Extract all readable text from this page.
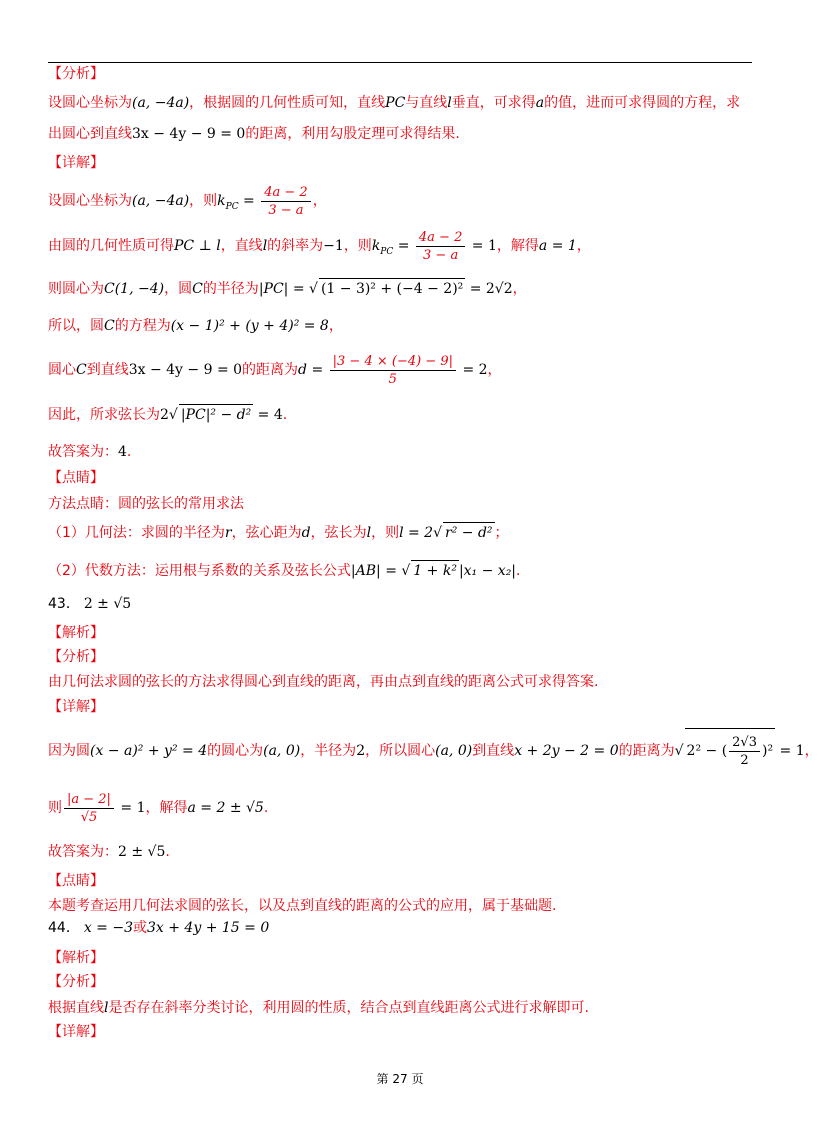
【分析】
设圆心坐标为(a, −4a)，根据圆的几何性质可知，直线PC与直线l垂直，可求得a的值，进而可求得圆的方程，求
出圆心到直线3x − 4y − 9 = 0的距离，利用勾股定理可求得结果.
【详解】
设圆心坐标为(a, −4a)，则$k_{PC} = \frac{4a - 2}{3 - a}$ ，
由圆的几何性质可得PC ⊥ l，直线l的斜率为−1，则$k_{PC} = \frac{4a - 2}{3 - a} = 1$，解得a = 1，
则圆心为C(1, −4)，圆C的半径为|PC| = √ (1 − 3)² + (−4 − 2)² = 2√2，
所以，圆C的方程为(x − 1)² + (y + 4)² = 8，
圆心C到直线3x − 4y − 9 = 0的距离为$d = \frac{|3 - 4 \times (-4) - 9|}{5} = 2$，
因此，所求弦长为2√ |PC|² − d² = 4.
故答案为：4.
【点睛】
方法点睛：圆的弦长的常用求法
（1）几何法：求圆的半径为r，弦心距为d，弦长为l，则l = 2√ r² − d² ；
（2）代数方法：运用根与系数的关系及弦长公式|AB| = √ 1 + k² |x₁ − x₂|.
43． 2 ± √5
【解析】
【分析】
由几何法求圆的弦长的方法求得圆心到直线的距离，再由点到直线的距离公式可求得答案.
【详解】
因为圆(x − a)² + y² = 4的圆心为(a, 0)，半径为2，所以圆心(a, 0)到直线x + 2y − 2 = 0的距离为√ 2² − ( $\frac{2√3}{2} )^2 = 1$，
则 $\frac{|a - 2|}{√5} = 1$，解得a = 2 ± √5.
故答案为：2 ± √5.
【点睛】
本题考查运用几何法求圆的弦长，以及点到直线的距离的公式的应用，属于基础题.
44． x = −3或3x + 4y + 15 = 0
【解析】
【分析】
根据直线l是否存在斜率分类讨论，利用圆的性质，结合点到直线距离公式进行求解即可.
【详解】
第 27 页
